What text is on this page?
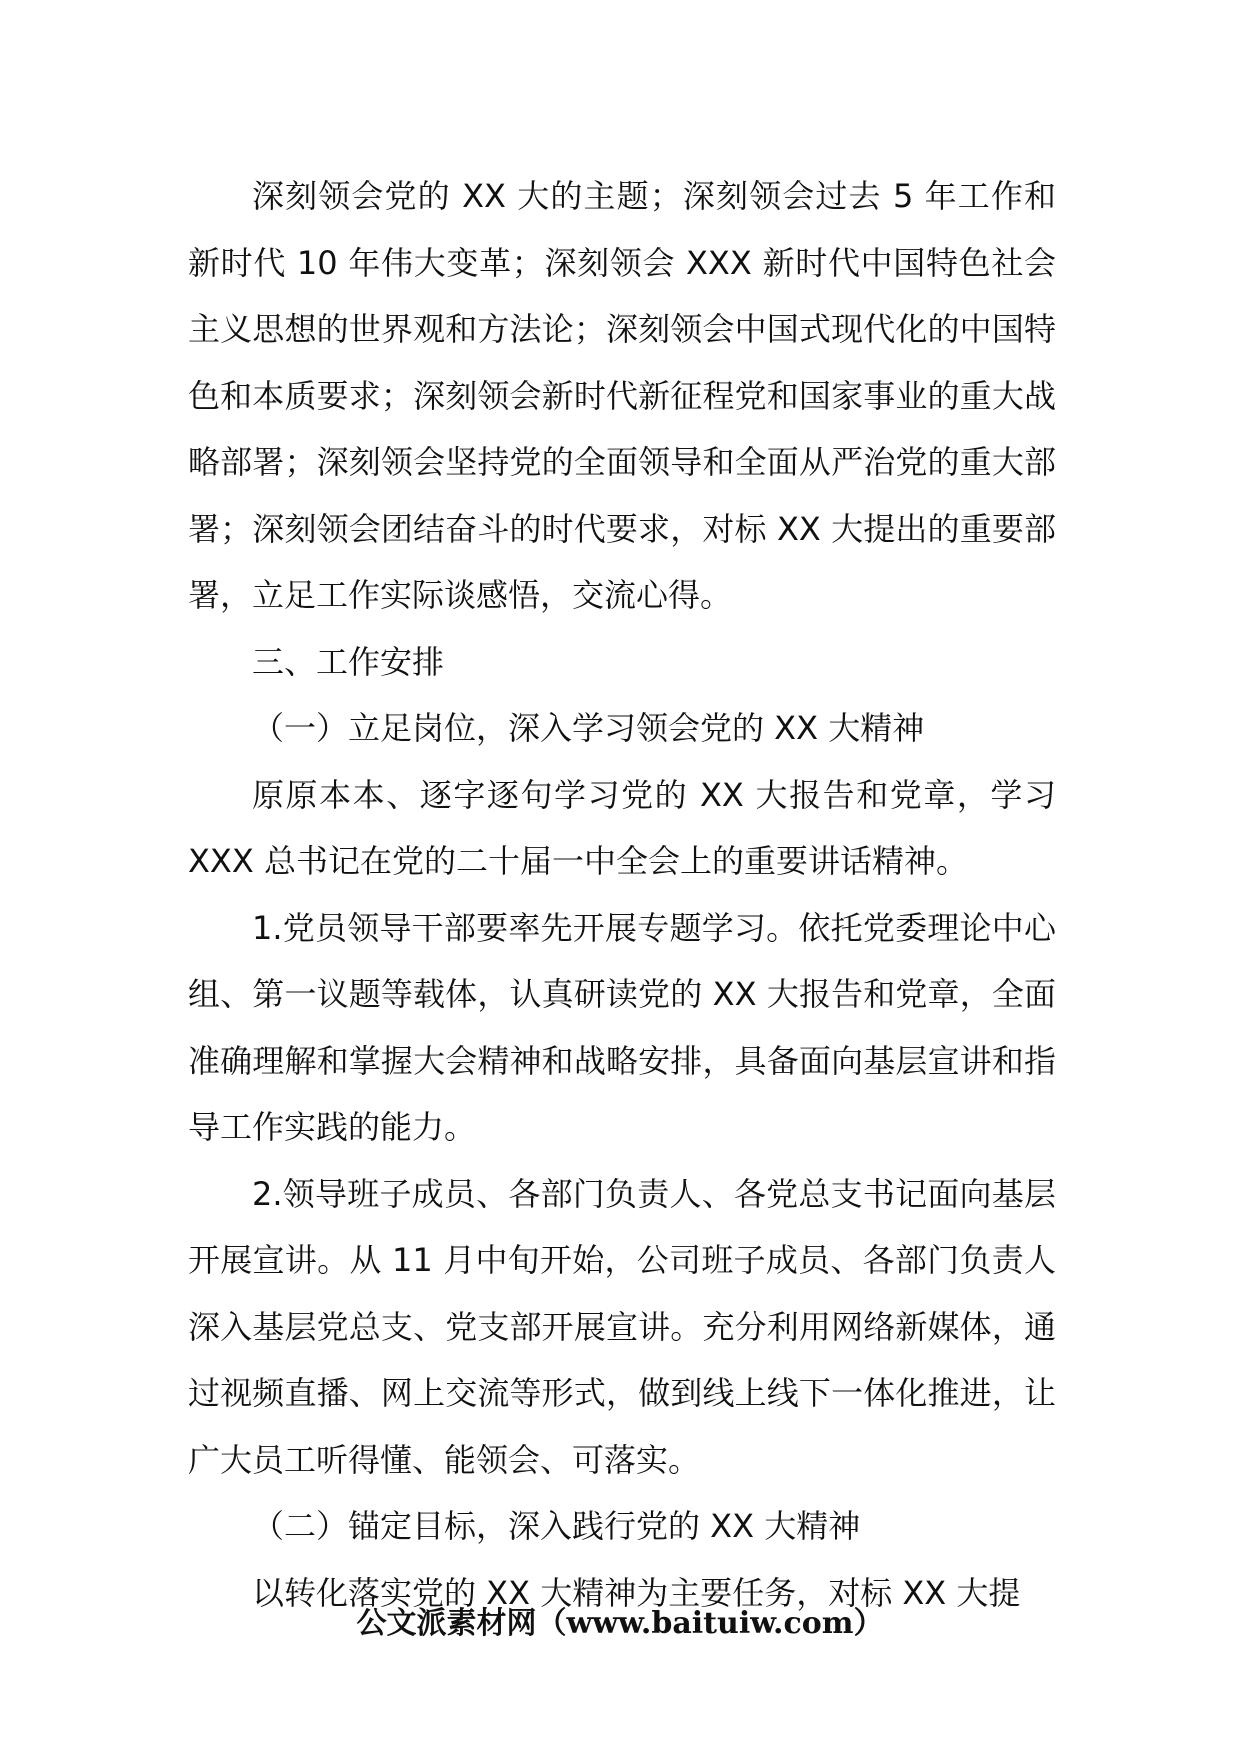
深刻领会党的 XX 大的主题；深刻领会过去 5 年工作和新时代 10 年伟大变革；深刻领会 XXX 新时代中国特色社会主义思想的世界观和方法论；深刻领会中国式现代化的中国特色和本质要求；深刻领会新时代新征程党和国家事业的重大战略部署；深刻领会坚持党的全面领导和全面从严治党的重大部署；深刻领会团结奋斗的时代要求，对标 XX 大提出的重要部署，立足工作实际谈感悟，交流心得。

三、工作安排

（一）立足岗位，深入学习领会党的 XX 大精神

原原本本、逐字逐句学习党的 XX 大报告和党章，学习 XXX 总书记在党的二十届一中全会上的重要讲话精神。

1.党员领导干部要率先开展专题学习。依托党委理论中心组、第一议题等载体，认真研读党的 XX 大报告和党章，全面准确理解和掌握大会精神和战略安排，具备面向基层宣讲和指导工作实践的能力。

2.领导班子成员、各部门负责人、各党总支书记面向基层开展宣讲。从 11 月中旬开始，公司班子成员、各部门负责人深入基层党总支、党支部开展宣讲。充分利用网络新媒体，通过视频直播、网上交流等形式，做到线上线下一体化推进，让广大员工听得懂、能领会、可落实。

（二）锚定目标，深入践行党的 XX 大精神

以转化落实党的 XX 大精神为主要任务，对标 XX 大提

公文派素材网（www.baituiw.com）
